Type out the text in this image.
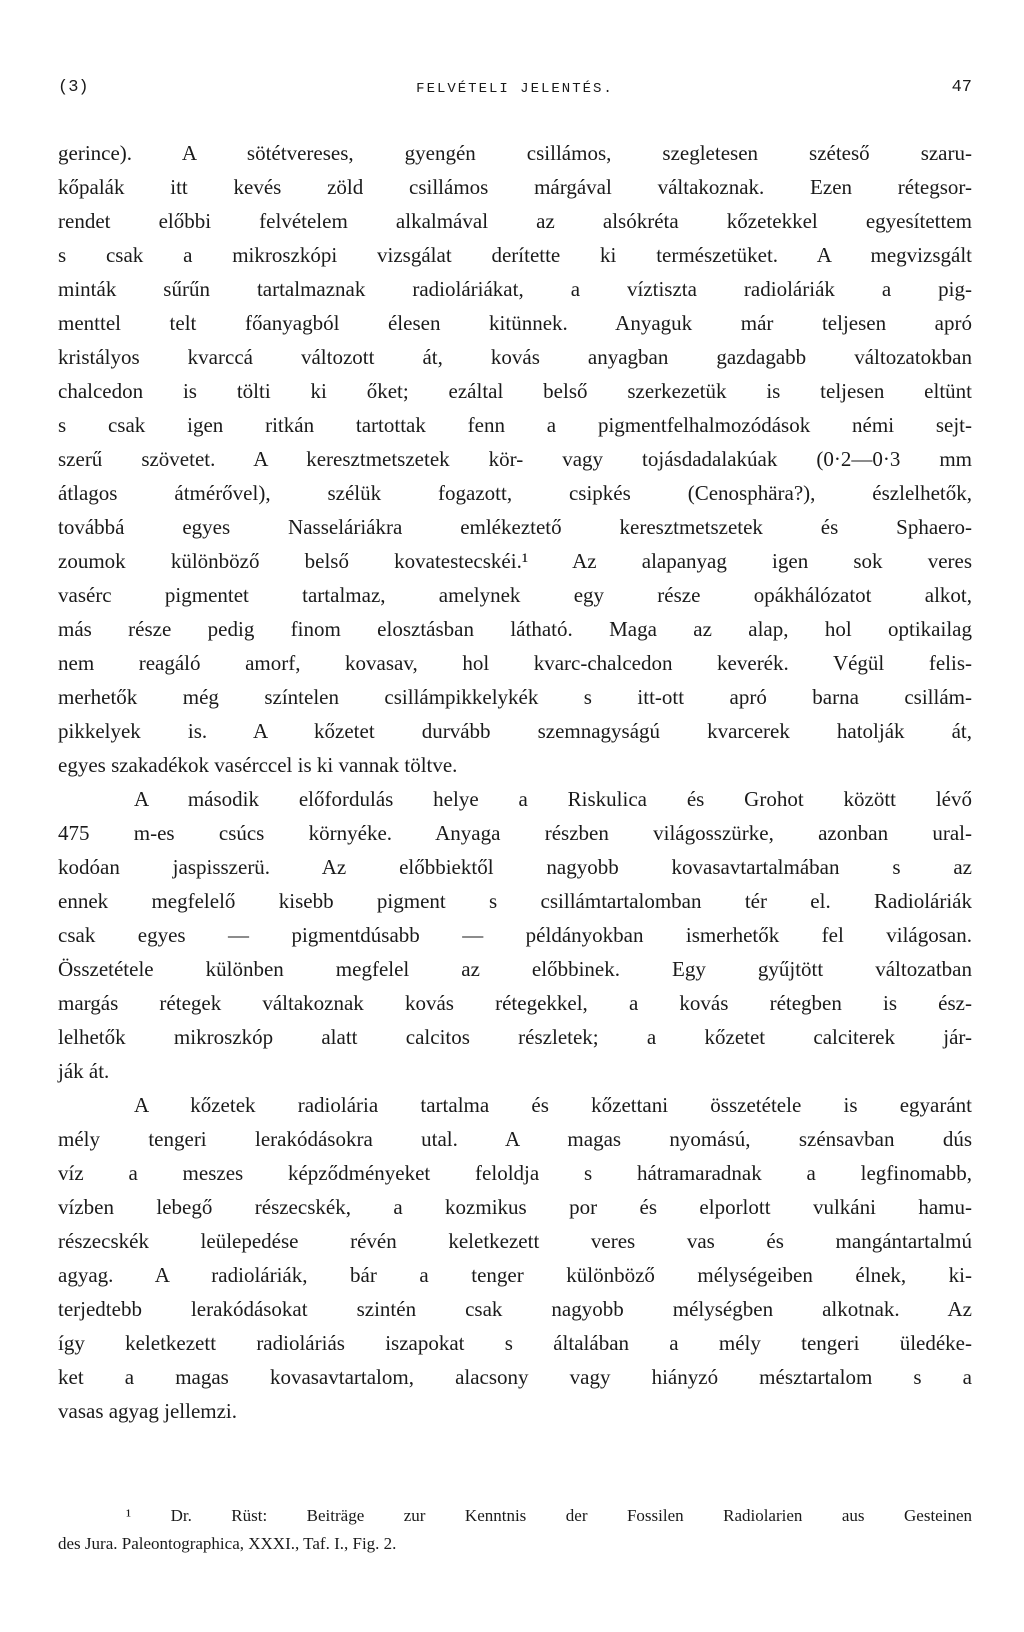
(3)	FELVÉTELI JELENTÉS.	47
gerince). A sötétvereses, gyengén csillámos, szegletesen széteső szaru-
kőpalák itt kevés zöld csillámos márgával váltakoznak. Ezen rétegsor-
rendet előbbi felvételem alkalmával az alsókréta kőzetekkel egyesítettem
s csak a mikroszkópi vizsgálat derítette ki természetüket. A megvizsgált
minták sűrűn tartalmaznak radioláriákat, a víztiszta radioláriák a pig-
menttel telt főanyagból élesen kitünnek. Anyaguk már teljesen apró
kristályos kvarccá változott át, kovás anyagban gazdagabb változatokban
chalcedon is tölti ki őket; ezáltal belső szerkezetük is teljesen eltünt
s csak igen ritkán tartottak fenn a pigmentfelhalmozódások némi sejt-
szerű szövetet. A keresztmetszetek kör- vagy tojásdadalakúak (0·2—0·3 mm
átlagos átmérővel), szélük fogazott, csipkés (Cenosphära?), észlelhetők,
továbbá egyes Nasseláriákra emlékeztető keresztmetszetek és Sphaero-
zoumok különböző belső kovatestecskéi.¹ Az alapanyag igen sok veres
vasérc pigmentet tartalmaz, amelynek egy része opákhálózatot alkot,
más része pedig finom elosztásban látható. Maga az alap, hol optikailag
nem reagáló amorf, kovasav, hol kvarc-chalcedon keverék. Végül felis-
merhetők még színtelen csillámpikkelykék s itt-ott apró barna csillám-
pikkelyek is. A kőzetet durvább szemnagyságú kvarcerek hatolják át,
egyes szakadékok vasérccel is ki vannak töltve.
A második előfordulás helye a Riskulica és Grohot között lévő
475 m-es csúcs környéke. Anyaga részben világosszürke, azonban ural-
kodóan jaspisszerü. Az előbbiektől nagyobb kovasavtartalmában s az
ennek megfelelő kisebb pigment s csillámtartalomban tér el. Radioláriák
csak egyes — pigmentdúsabb — példányokban ismerhetők fel világosan.
Összetétele különben megfelel az előbbinek. Egy gyűjtött változatban
margás rétegek váltakoznak kovás rétegekkel, a kovás rétegben is ész-
lelhetők mikroszkóp alatt calcitos részletek; a kőzetet calciterek jár-
ják át.
A kőzetek radiolária tartalma és kőzettani összetétele is egyaránt
mély tengeri lerakódásokra utal. A magas nyomású, szénsavban dús
víz a meszes képződményeket feloldja s hátramaradnak a legfinomabb,
vízben lebegő részecskék, a kozmikus por és elporlott vulkáni hamu-
részecskék leülepedése révén keletkezett veres vas és mangántartalmú
agyag. A radioláriák, bár a tenger különböző mélységeiben élnek, ki-
terjedtebb lerakódásokat szintén csak nagyobb mélységben alkotnak. Az
így keletkezett radioláriás iszapokat s általában a mély tengeri üledéke-
ket a magas kovasavtartalom, alacsony vagy hiányzó mésztartalom s a
vasas agyag jellemzi.
¹ Dr. Rüst: Beiträge zur Kenntnis der Fossilen Radiolarien aus Gesteinen
des Jura. Paleontographica, XXXI., Taf. I., Fig. 2.
